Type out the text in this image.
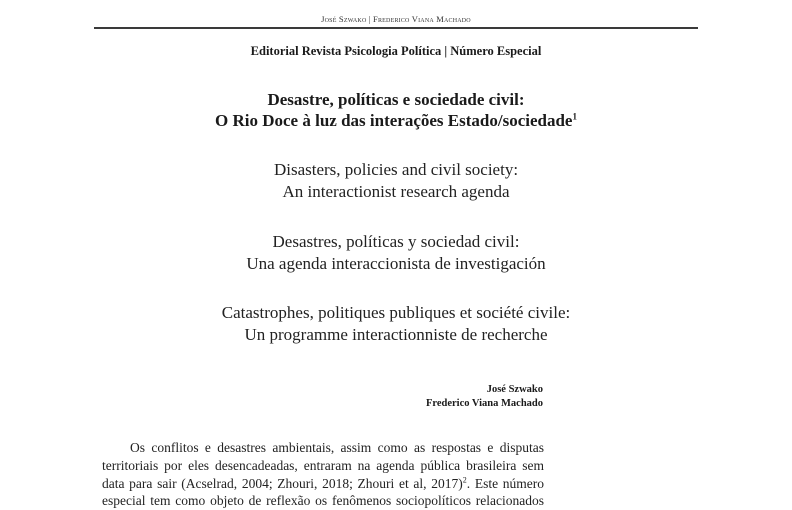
José Szwako | Frederico Viana Machado
Editorial Revista Psicologia Política | Número Especial
Desastre, políticas e sociedade civil:
O Rio Doce à luz das interações Estado/sociedade$^1$
Disasters, policies and civil society:
An interactionist research agenda
Desastres, políticas y sociedad civil:
Una agenda interaccionista de investigación
Catastrophes, politiques publiques et société civile:
Un programme interactionniste de recherche
José Szwako
Frederico Viana Machado
Os conflitos e desastres ambientais, assim como as respostas e disputas
territoriais por eles desencadeadas, entraram na agenda pública brasileira sem
data para sair (Acselrad, 2004; Zhouri, 2018; Zhouri et al, 2017)$^2$. Este número
especial tem como objeto de reflexão os fenômenos sociopolíticos relacionados
